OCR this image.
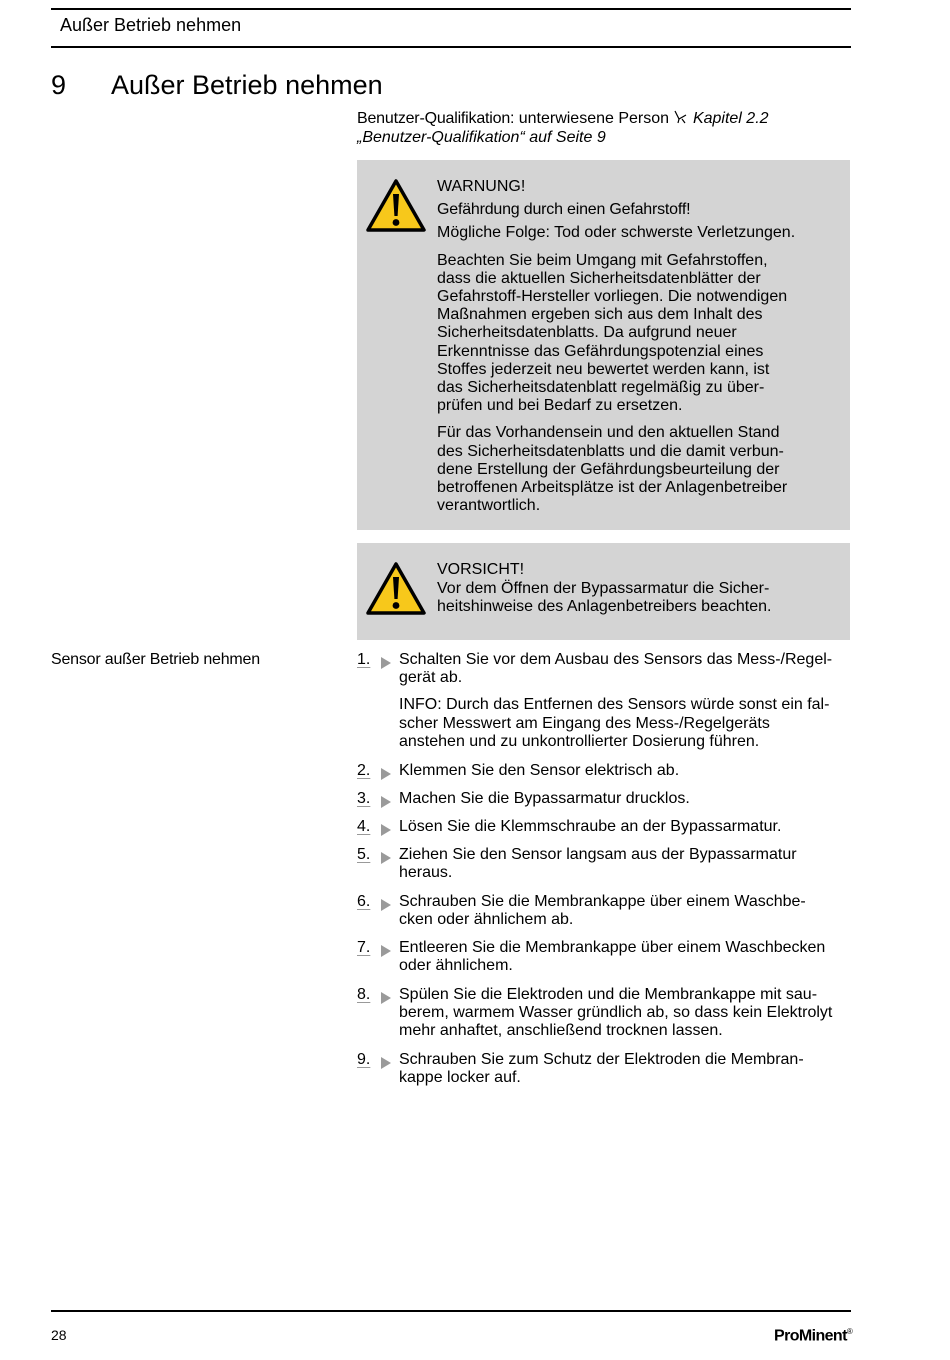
Außer Betrieb nehmen
9 Außer Betrieb nehmen
Benutzer-Qualifikation: unterwiesene Person Kapitel 2.2 „Benutzer-Qualifikation“ auf Seite 9

WARNUNG!

Gefährdung durch einen Gefahrstoff!

Mögliche Folge: Tod oder schwerste Verletzungen.

Beachten Sie beim Umgang mit Gefahrstoffen,
dass die aktuellen Sicherheitsdatenblätter der
Gefahrstoff-Hersteller vorliegen. Die notwendigen
Maßnahmen ergeben sich aus dem Inhalt des
Sicherheitsdatenblatts. Da aufgrund neuer
Erkenntnisse das Gefährdungspotenzial eines
Stoffes jederzeit neu bewertet werden kann, ist
das Sicherheitsdatenblatt regelmäßig zu über-
prüfen und bei Bedarf zu ersetzen.
Für das Vorhandensein und den aktuellen Stand
des Sicherheitsdatenblatts und die damit verbun-
dene Erstellung der Gefährdungsbeurteilung der
betroffenen Arbeitsplätze ist der Anlagenbetreiber
verantwortlich.

VORSICHT!

Vor dem Öffnen der Bypassarmatur die Sicher-

heitshinweise des Anlagenbetreibers beachten.

Sensor außer Betrieb nehmen	1.	Schalten Sie vor dem Ausbau des Sensors das Mess-/Regel-

gerät ab.

INFO: Durch das Entfernen des Sensors würde sonst ein fal-

scher Messwert am Eingang des Mess-/Regelgeräts

anstehen und zu unkontrollierter Dosierung führen.

2.	Klemmen Sie den Sensor elektrisch ab.

3.	Machen Sie die Bypassarmatur drucklos.

4.	Lösen Sie die Klemmschraube an der Bypassarmatur.

5.	Ziehen Sie den Sensor langsam aus der Bypassarmatur

heraus.

6.	Schrauben Sie die Membrankappe über einem Waschbe-

cken oder ähnlichem ab.

7.	Entleeren Sie die Membrankappe über einem Waschbecken

oder ähnlichem.

8.	Spülen Sie die Elektroden und die Membrankappe mit sau-

berem, warmem Wasser gründlich ab, so dass kein Elektrolyt

mehr anhaftet, anschließend trocknen lassen.

9.	Schrauben Sie zum Schutz der Elektroden die Membran-

kappe locker auf.

28	ProMinent®
